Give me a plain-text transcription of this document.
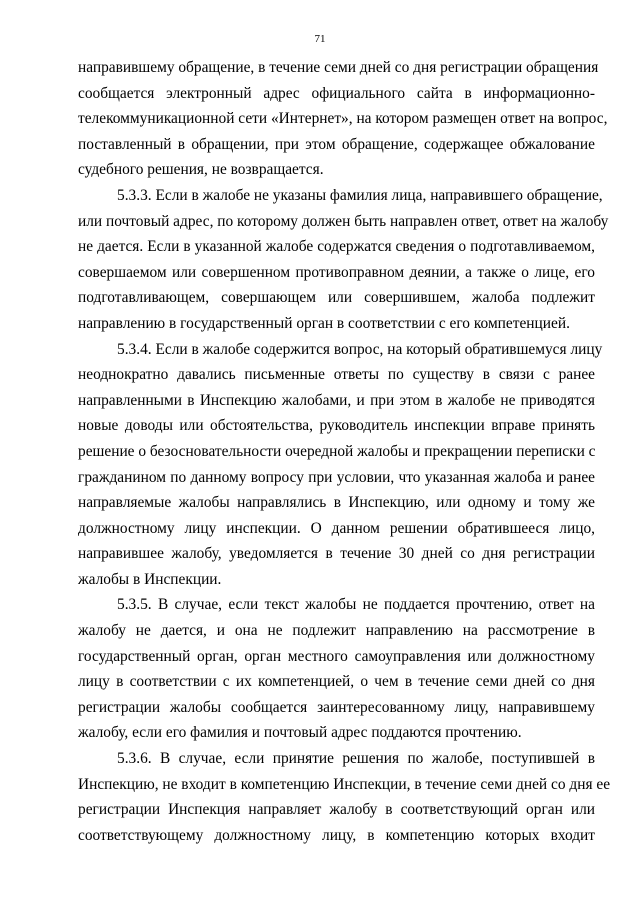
71
направившему обращение, в течение семи дней со дня регистрации обращения
сообщается электронный адрес официального сайта в информационно-
телекоммуникационной сети «Интернет», на котором размещен ответ на вопрос,
поставленный в обращении, при этом обращение, содержащее обжалование
судебного решения, не возвращается.
5.3.3. Если в жалобе не указаны фамилия лица, направившего обращение,
или почтовый адрес, по которому должен быть направлен ответ, ответ на жалобу
не дается. Если в указанной жалобе содержатся сведения о подготавливаемом,
совершаемом или совершенном противоправном деянии, а также о лице, его
подготавливающем, совершающем или совершившем, жалоба подлежит
направлению в государственный орган в соответствии с его компетенцией.
5.3.4. Если в жалобе содержится вопрос, на который обратившемуся лицу
неоднократно давались письменные ответы по существу в связи с ранее
направленными в Инспекцию жалобами, и при этом в жалобе не приводятся
новые доводы или обстоятельства, руководитель инспекции вправе принять
решение о безосновательности очередной жалобы и прекращении переписки с
гражданином по данному вопросу при условии, что указанная жалоба и ранее
направляемые жалобы направлялись в Инспекцию, или одному и тому же
должностному лицу инспекции. О данном решении обратившееся лицо,
направившее жалобу, уведомляется в течение 30 дней со дня регистрации
жалобы в Инспекции.
5.3.5. В случае, если текст жалобы не поддается прочтению, ответ на
жалобу не дается, и она не подлежит направлению на рассмотрение в
государственный орган, орган местного самоуправления или должностному
лицу в соответствии с их компетенцией, о чем в течение семи дней со дня
регистрации жалобы сообщается заинтересованному лицу, направившему
жалобу, если его фамилия и почтовый адрес поддаются прочтению.
5.3.6. В случае, если принятие решения по жалобе, поступившей в
Инспекцию, не входит в компетенцию Инспекции, в течение семи дней со дня ее
регистрации Инспекция направляет жалобу в соответствующий орган или
соответствующему должностному лицу, в компетенцию которых входит
